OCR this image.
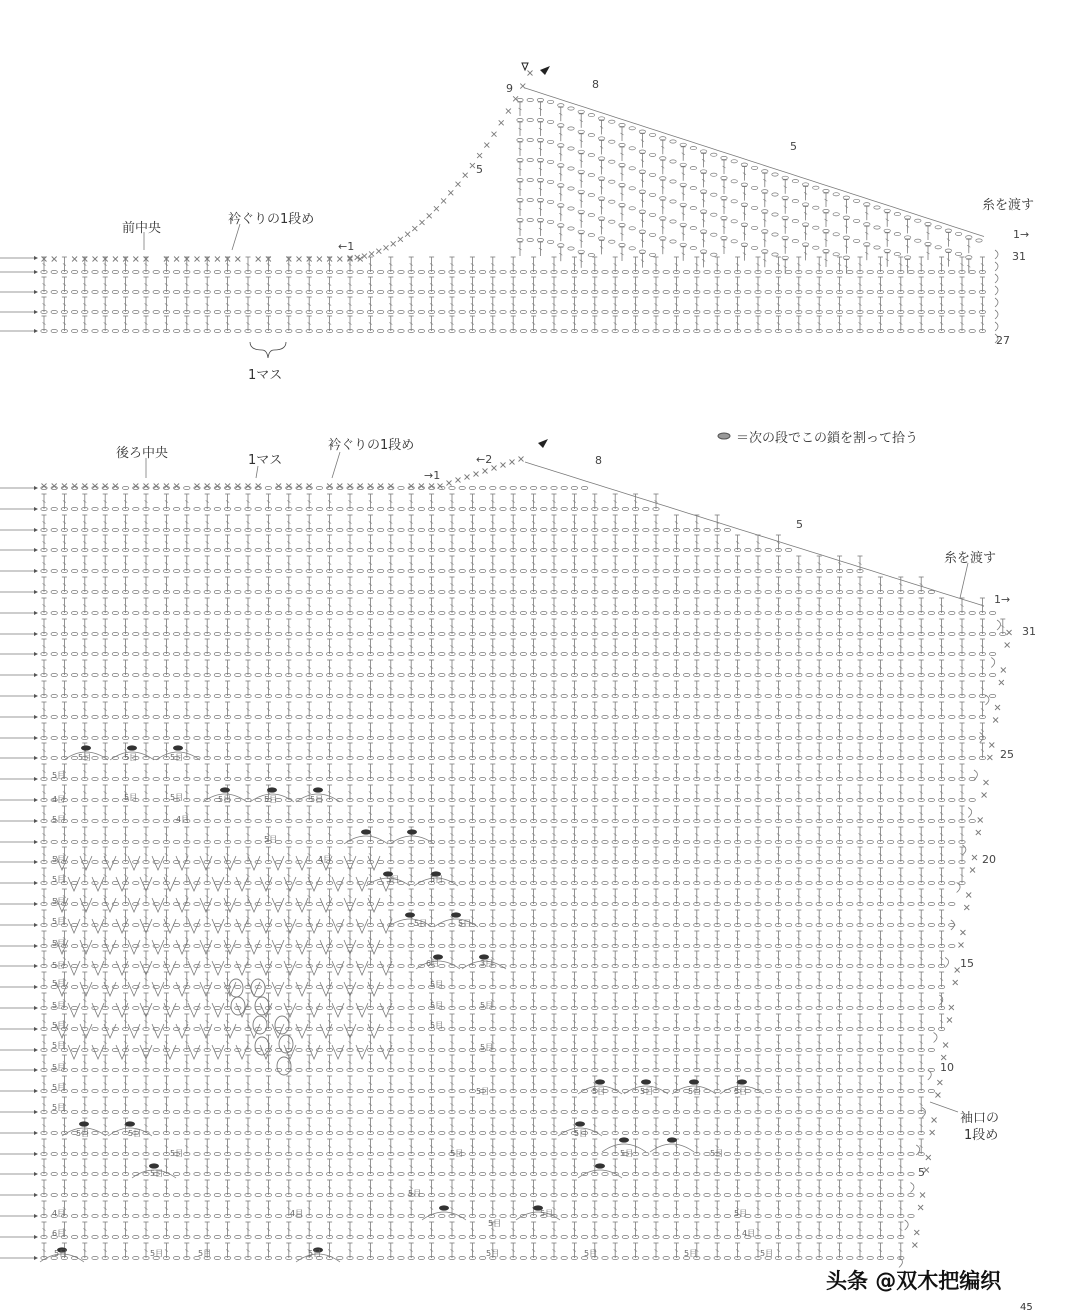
5目	5目	5目
5目
5目	5目	5目	5目	5目
5目
5目
5目
5目
5目
5目
5目
5目
5目
5目
5目
5目
5目
5目
5目
5目	5目
5目	5目
5目
5目
5目
5目
5目
5目	5目	5目	5目	5目
5目	5目
5目	5目
5目
5目	5目
5目
5目
5目
5目	5目
5目	5目	5目	5目	5目	5目	5目	5目
4目
4目
4目
4目	4目
4目
6目
6目	3目
前中央
衿ぐりの1段め
1マス
糸を渡す
←1
1→
9	8
5
5
31
27
後ろ中央	1マス
衿ぐりの1段め	＝次の段でこの鎖を割って拾う
糸を渡す
→1
←2
1→
8
5
31
25
20
15
10
5
袖口の
1段め
头条 @双木把编织
45
